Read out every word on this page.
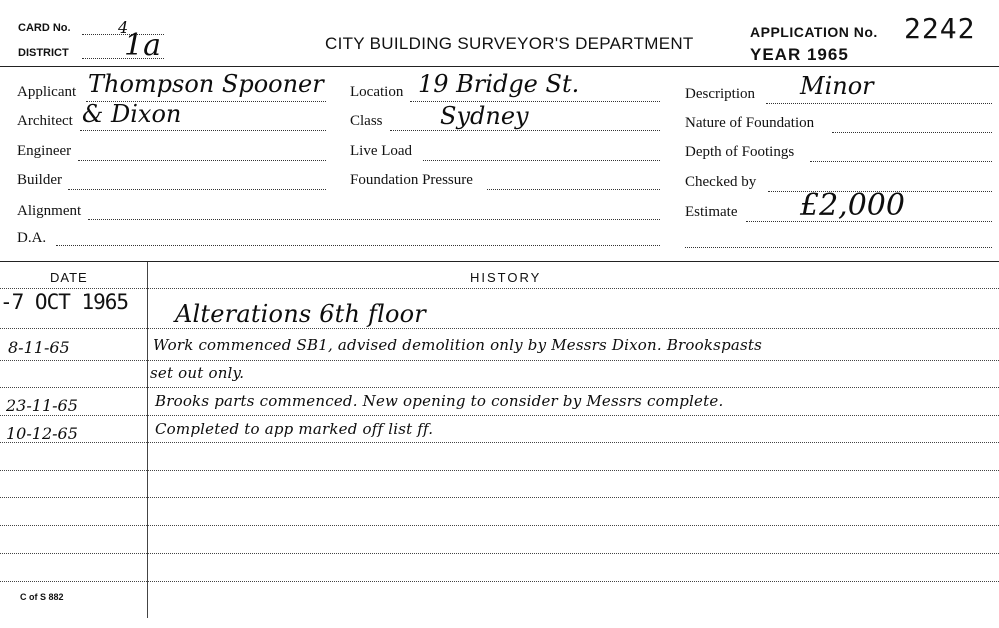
CARD No.	4
DISTRICT 1a	CITY BUILDING SURVEYOR'S DEPARTMENT
APPLICATION No. 2242
YEAR 1965
Applicant Thompson Spooner
Architect & Dixon
Engineer
Builder
Alignment
D.A.
Location 19 Bridge St.
Class Sydney
Live Load
Foundation Pressure
Description Minor
Nature of Foundation
Depth of Footings
Checked by
Estimate £2,000
DATE	HISTORY
-7 OCT 1965 Alterations 6th floor
8-11-65	Work commenced SB1, advised demolition only by Messrs Dixon. Brookspasts
set out only.
23-11-65	Brooks parts commenced. New opening to consider by Messrs complete.
10-12-65	Completed to app marked off list ff.
C of S 882
